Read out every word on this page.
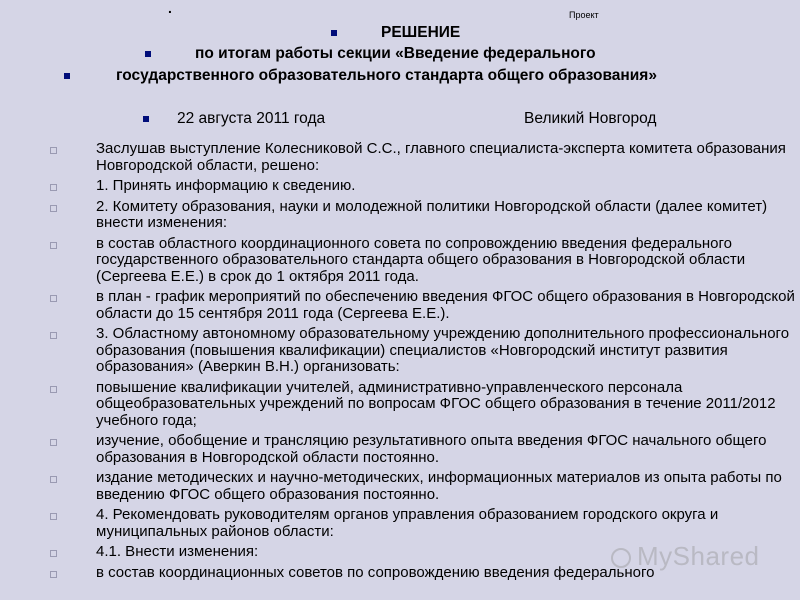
.	Проект
РЕШЕНИЕ
по итогам работы секции «Введение федерального
государственного образовательного стандарта общего образования»
22 августа 2011 года	Великий Новгород
Заслушав выступление Колесниковой С.С., главного специалиста-эксперта комитета образования Новгородской области, решено:
1. Принять информацию к сведению.
2. Комитету образования, науки и молодежной политики Новгородской области (далее комитет) внести изменения:
в состав областного координационного совета по сопровождению введения федерального государственного образовательного стандарта общего образования в Новгородской области (Сергеева Е.Е.) в срок до 1 октября 2011 года.
в план - график мероприятий по обеспечению введения ФГОС общего образования в Новгородской области до 15 сентября 2011 года (Сергеева Е.Е.).
3. Областному автономному образовательному учреждению дополнительного профессионального образования (повышения квалификации) специалистов «Новгородский институт развития образования» (Аверкин В.Н.) организовать:
повышение квалификации учителей, административно-управленческого персонала общеобразовательных учреждений по вопросам ФГОС общего образования в течение 2011/2012 учебного года;
изучение, обобщение и трансляцию результативного опыта введения ФГОС начального общего образования в Новгородской области постоянно.
издание методических и научно-методических, информационных материалов из опыта работы по введению ФГОС общего образования постоянно.
4. Рекомендовать руководителям органов управления образованием городского округа и муниципальных районов области:
4.1. Внести изменения:
в состав координационных советов по сопровождению введения федерального
MyShared
